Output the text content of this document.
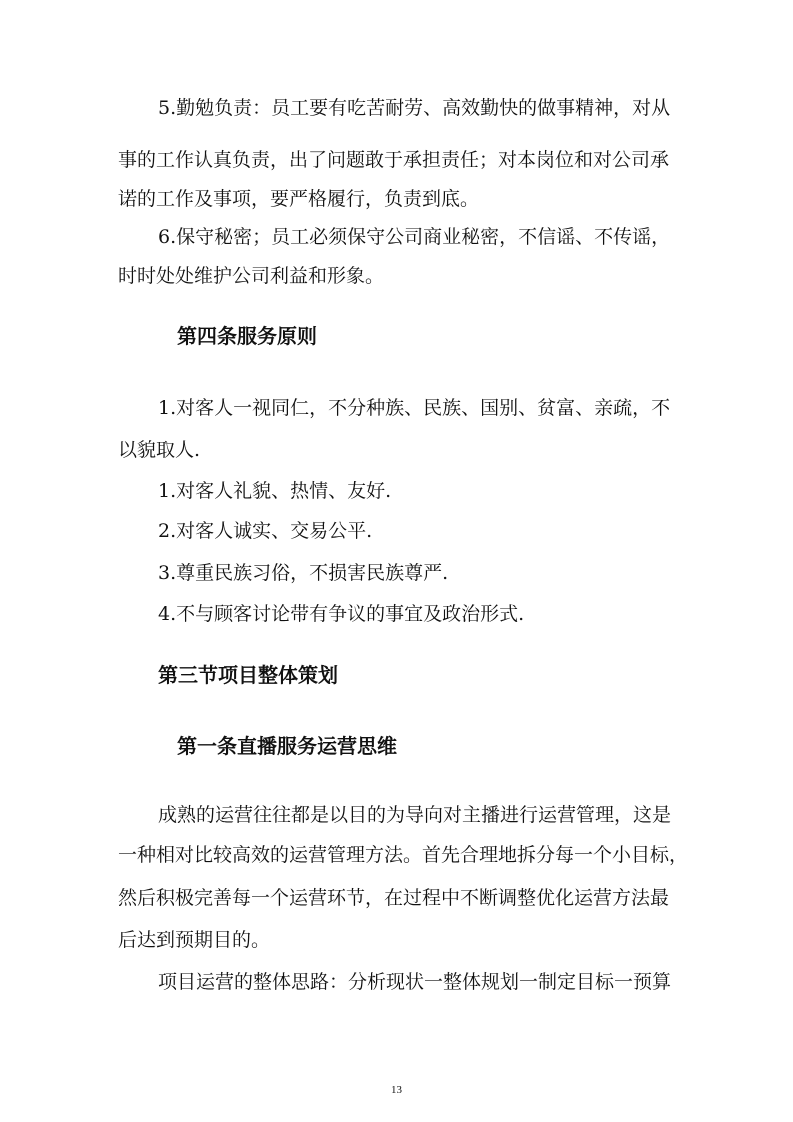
5.勤勉负责：员工要有吃苦耐劳、高效勤快的做事精神，对从
事的工作认真负责，出了问题敢于承担责任；对本岗位和对公司承
诺的工作及事项，要严格履行，负责到底。
6.保守秘密；员工必须保守公司商业秘密，不信谣、不传谣，
时时处处维护公司利益和形象。
第四条服务原则
1.对客人一视同仁，不分种族、民族、国别、贫富、亲疏，不
以貌取人.
1.对客人礼貌、热情、友好.
2.对客人诚实、交易公平.
3.尊重民族习俗，不损害民族尊严.
4.不与顾客讨论带有争议的事宜及政治形式.
第三节项目整体策划
第一条直播服务运营思维
成熟的运营往往都是以目的为导向对主播进行运营管理，这是
一种相对比较高效的运营管理方法。首先合理地拆分每一个小目标，
然后积极完善每一个运营环节，在过程中不断调整优化运营方法最
后达到预期目的。
项目运营的整体思路：分析现状一整体规划一制定目标一预算
13
